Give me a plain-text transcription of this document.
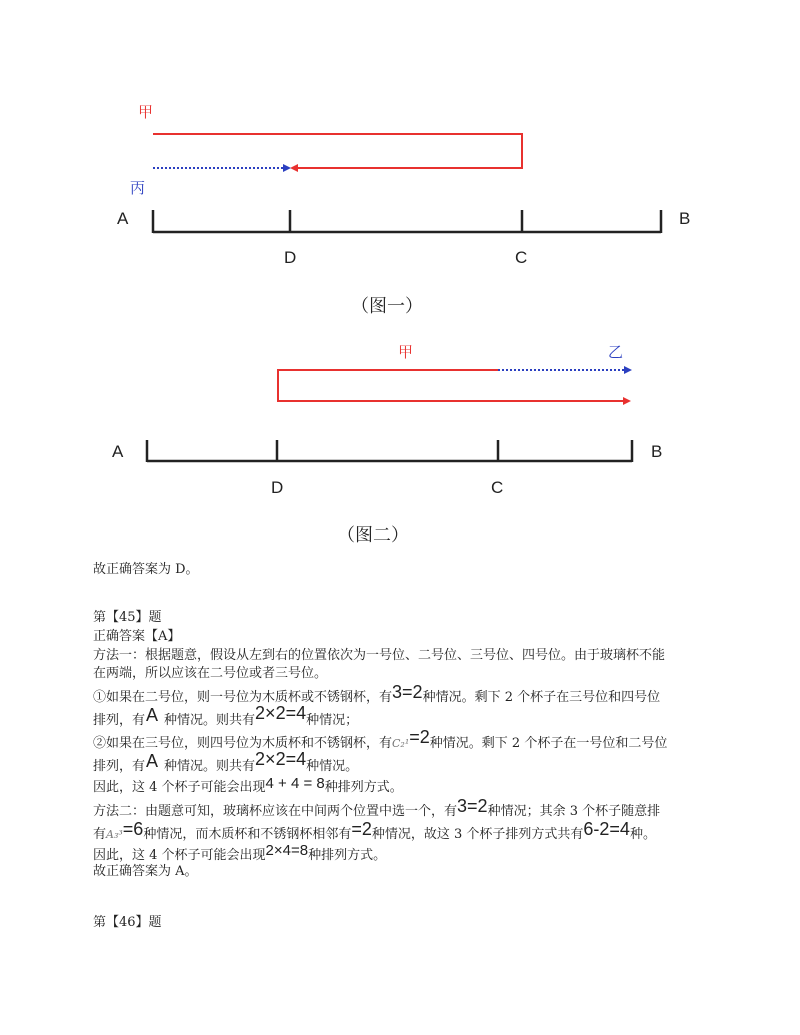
甲
丙
A	B
D	C
（图一）
甲	乙
A	B
D	C
（图二）
故正确答案为 D。
第【45】题
正确答案【A】
方法一：根据题意，假设从左到右的位置依次为一号位、二号位、三号位、四号位。由于玻璃杯不能
在两端，所以应该在二号位或者三号位。
①如果在二号位，则一号位为木质杯或不锈钢杯，有3=2种情况。剩下 2 个杯子在三号位和四号位
排列，有A 种情况。则共有2×2=4种情况；
②如果在三号位，则四号位为木质杯和不锈钢杯，有C₂¹=2种情况。剩下 2 个杯子在一号位和二号位
排列，有A 种情况。则共有2×2=4种情况。
因此，这 4 个杯子可能会出现4 + 4 = 8种排列方式。
方法二：由题意可知，玻璃杯应该在中间两个位置中选一个，有3=2种情况；其余 3 个杯子随意排
有A₃³=6种情况，而木质杯和不锈钢杯相邻有=2种情况，故这 3 个杯子排列方式共有6-2=4种。
因此，这 4 个杯子可能会出现2×4=8种排列方式。
故正确答案为 A。
第【46】题
